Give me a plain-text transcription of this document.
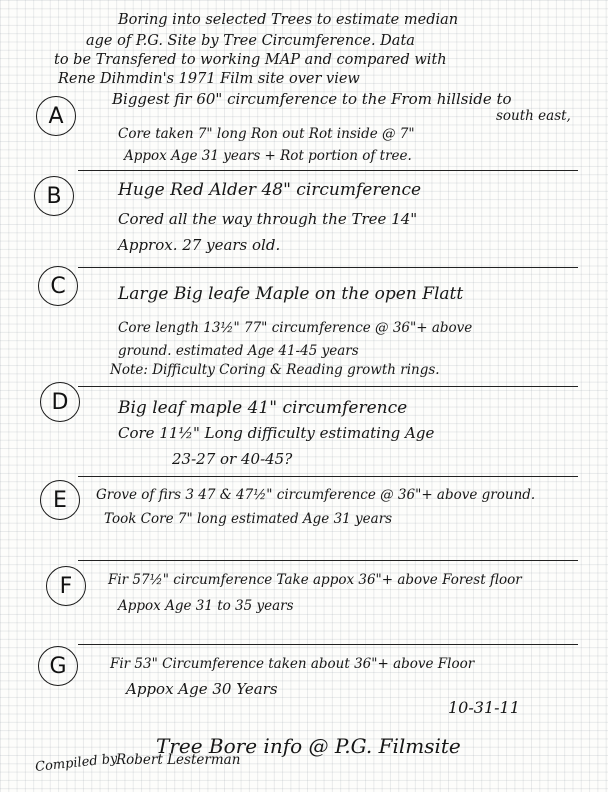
Boring into selected Trees to estimate median
age of P.G. Site by Tree Circumference. Data
to be Transfered to working MAP and compared with
Rene Dihmdin's 1971 Film site over view
A
Biggest fir 60" circumference to the From hillside to
south east,
Core taken 7" long Ron out Rot inside @ 7"
Appox Age 31 years + Rot portion of tree.
B	Huge Red Alder 48" circumference
Cored all the way through the Tree 14"
Approx. 27 years old.
C	Large Big leafe Maple on the open Flatt
Core length 13½" 77" circumference @ 36"+ above
ground. estimated Age 41-45 years
Note: Difficulty Coring & Reading growth rings.
D	Big leaf maple 41" circumference
Core 11½" Long difficulty estimating Age
23-27 or 40-45?
E	Grove of firs 3 47 & 47½" circumference @ 36"+ above ground.
Took Core 7" long estimated Age 31 years
F	Fir 57½" circumference Take appox 36"+ above Forest floor
Appox Age 31 to 35 years
G	Fir 53" Circumference taken about 36"+ above Floor
Appox Age 30 Years
10-31-11
Tree Bore info @ P.G. Filmsite
Compiled by
Robert Lesterman
